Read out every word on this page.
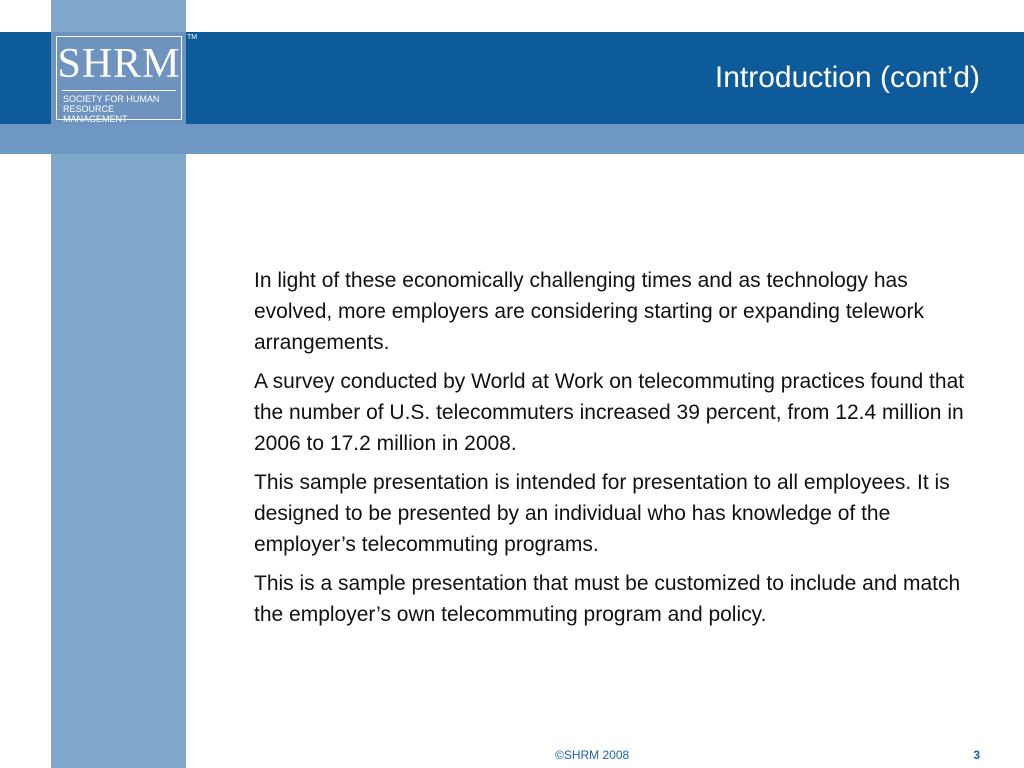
SHRM
SOCIETY FOR HUMAN RESOURCE MANAGEMENT
TM
Introduction (cont’d)

In light of these economically challenging times and as technology has evolved, more employers are considering starting or expanding telework arrangements.

A survey conducted by World at Work on telecommuting practices found that the number of U.S. telecommuters increased 39 percent, from 12.4 million in 2006 to 17.2 million in 2008.

This sample presentation is intended for presentation to all employees. It is designed to be presented by an individual who has knowledge of the employer’s telecommuting programs.

This is a sample presentation that must be customized to include and match the employer’s own telecommuting program and policy.

©SHRM 2008	3
